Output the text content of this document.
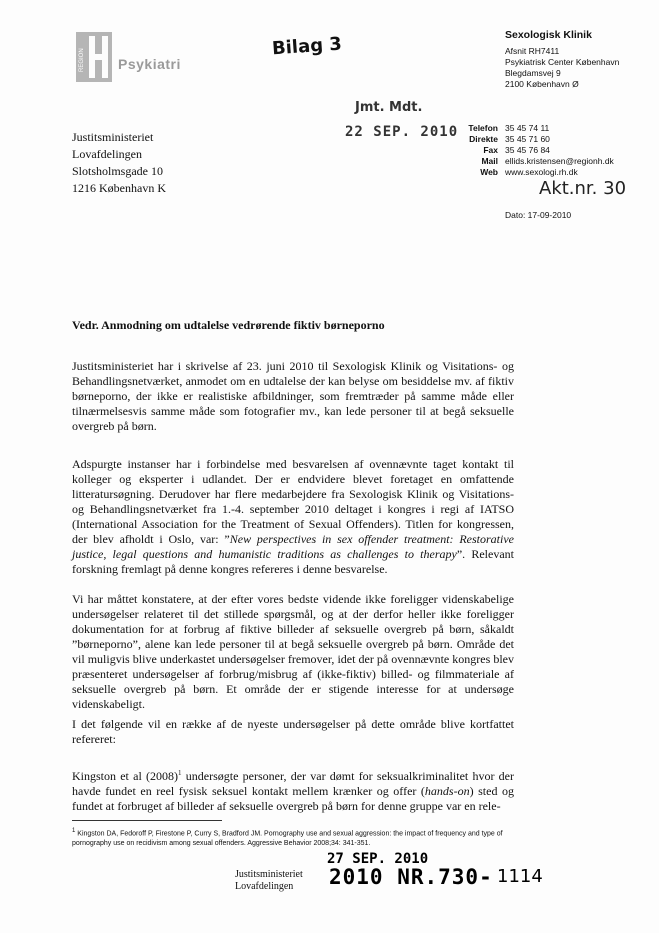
REGION Psykiatri
Bilag 3
Jmt. Mdt.
22 SEP. 2010
Akt.nr. 30
Sexologisk Klinik
Afsnit RH7411
Psykiatrisk Center København
Blegdamsvej 9
2100 København Ø
Telefon 35 45 74 11
Direkte 35 45 71 60
Fax 35 45 76 84
Mail ellids.kristensen@regionh.dk
Web www.sexologi.rh.dk
Dato: 17-09-2010
Justitsministeriet
Lovafdelingen
Slotsholmsgade 10
1216 København K
Vedr. Anmodning om udtalelse vedrørende fiktiv børneporno

Justitsministeriet har i skrivelse af 23. juni 2010 til Sexologisk Klinik og Visitations- og Behandlingsnetværket, anmodet om en udtalelse der kan belyse om besiddelse mv. af fiktiv børneporno, der ikke er realistiske afbildninger, som fremtræder på samme måde eller tilnærmelsesvis samme måde som fotografier mv., kan lede personer til at begå seksuelle overgreb på børn.

Adspurgte instanser har i forbindelse med besvarelsen af ovennævnte taget kontakt til kolleger og eksperter i udlandet. Der er endvidere blevet foretaget en omfattende litteratursøgning. Derudover har flere medarbejdere fra Sexologisk Klinik og Visitations- og Behandlingsnetværket fra 1.-4. september 2010 deltaget i kongres i regi af IATSO (International Association for the Treatment of Sexual Offenders). Titlen for kongressen, der blev afholdt i Oslo, var: ”New perspectives in sex offender treatment: Restorative justice, legal questions and humanistic traditions as challenges to therapy”. Relevant forskning fremlagt på denne kongres refereres i denne besvarelse.

Vi har måttet konstatere, at der efter vores bedste vidende ikke foreligger videnskabelige undersøgelser relateret til det stillede spørgsmål, og at der derfor heller ikke foreligger dokumentation for at forbrug af fiktive billeder af seksuelle overgreb på børn, såkaldt ”børneporno”, alene kan lede personer til at begå seksuelle overgreb på børn. Område det vil muligvis blive underkastet undersøgelser fremover, idet der på ovennævnte kongres blev præsenteret undersøgelser af forbrug/misbrug af (ikke-fiktiv) billed- og filmmateriale af seksuelle overgreb på børn. Et område der er stigende interesse for at undersøge videnskabeligt.

I det følgende vil en række af de nyeste undersøgelser på dette område blive kortfattet refereret:

Kingston et al $(2008)^1$ undersøgte personer, der var dømt for seksualkriminalitet hvor der havde fundet en reel fysisk seksuel kontakt mellem krænker og offer (hands-on) sted og fundet at forbruget af billeder af seksuelle overgreb på børn for denne gruppe var en rele-

$^1$ Kingston DA, Fedoroff P, Firestone P, Curry S, Bradford JM. Pornography use and sexual aggression: the impact of frequency and type of pornography use on recidivism among sexual offenders. Aggressive Behavior 2008;34: 341-351.
27 SEP. 2010
Justitsministeriet
Lovafdelingen	2010 NR.730- 1114
